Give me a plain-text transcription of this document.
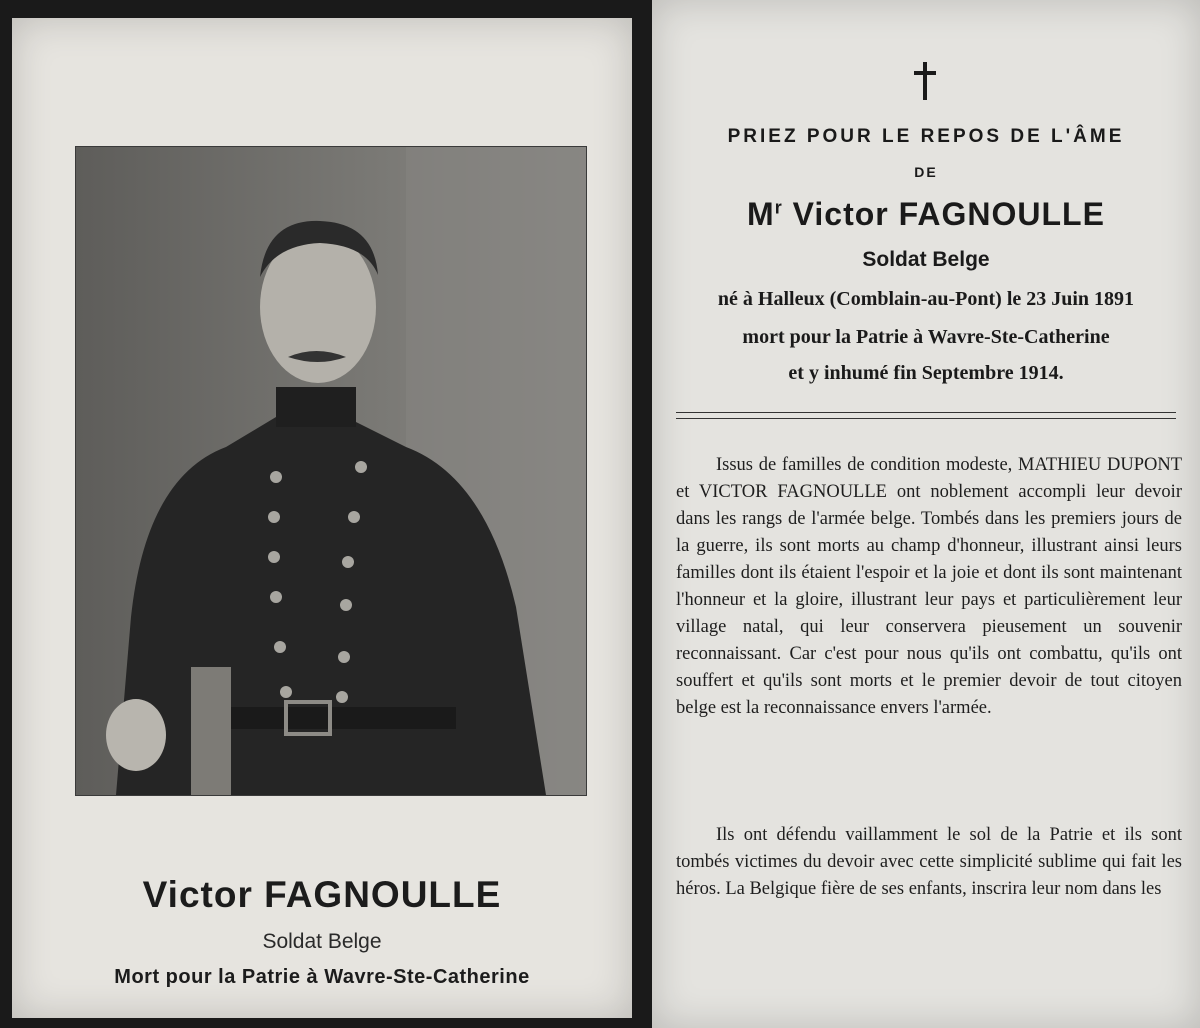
Victor FAGNOULLE
Soldat Belge
Mort pour la Patrie à Wavre-Ste-Catherine
PRIEZ POUR LE REPOS DE L'ÂME
DE
$M^r$ Victor FAGNOULLE
Soldat Belge
né à Halleux (Comblain-au-Pont) le 23 Juin 1891
mort pour la Patrie à Wavre-Ste-Catherine
et y inhumé fin Septembre 1914.

Issus de familles de condition modeste, MATHIEU DUPONT et VICTOR FAGNOULLE ont noblement accompli leur devoir dans les rangs de l'armée belge. Tombés dans les premiers jours de la guerre, ils sont morts au champ d'honneur, illustrant ainsi leurs familles dont ils étaient l'espoir et la joie et dont ils sont maintenant l'honneur et la gloire, illustrant leur pays et particulièrement leur village natal, qui leur conservera pieusement un souvenir reconnaissant. Car c'est pour nous qu'ils ont combattu, qu'ils ont souffert et qu'ils sont morts et le premier devoir de tout citoyen belge est la reconnaissance envers l'armée.

Ils ont défendu vaillamment le sol de la Patrie et ils sont tombés victimes du devoir avec cette simplicité sublime qui fait les héros. La Belgique fière de ses enfants, inscrira leur nom dans les
